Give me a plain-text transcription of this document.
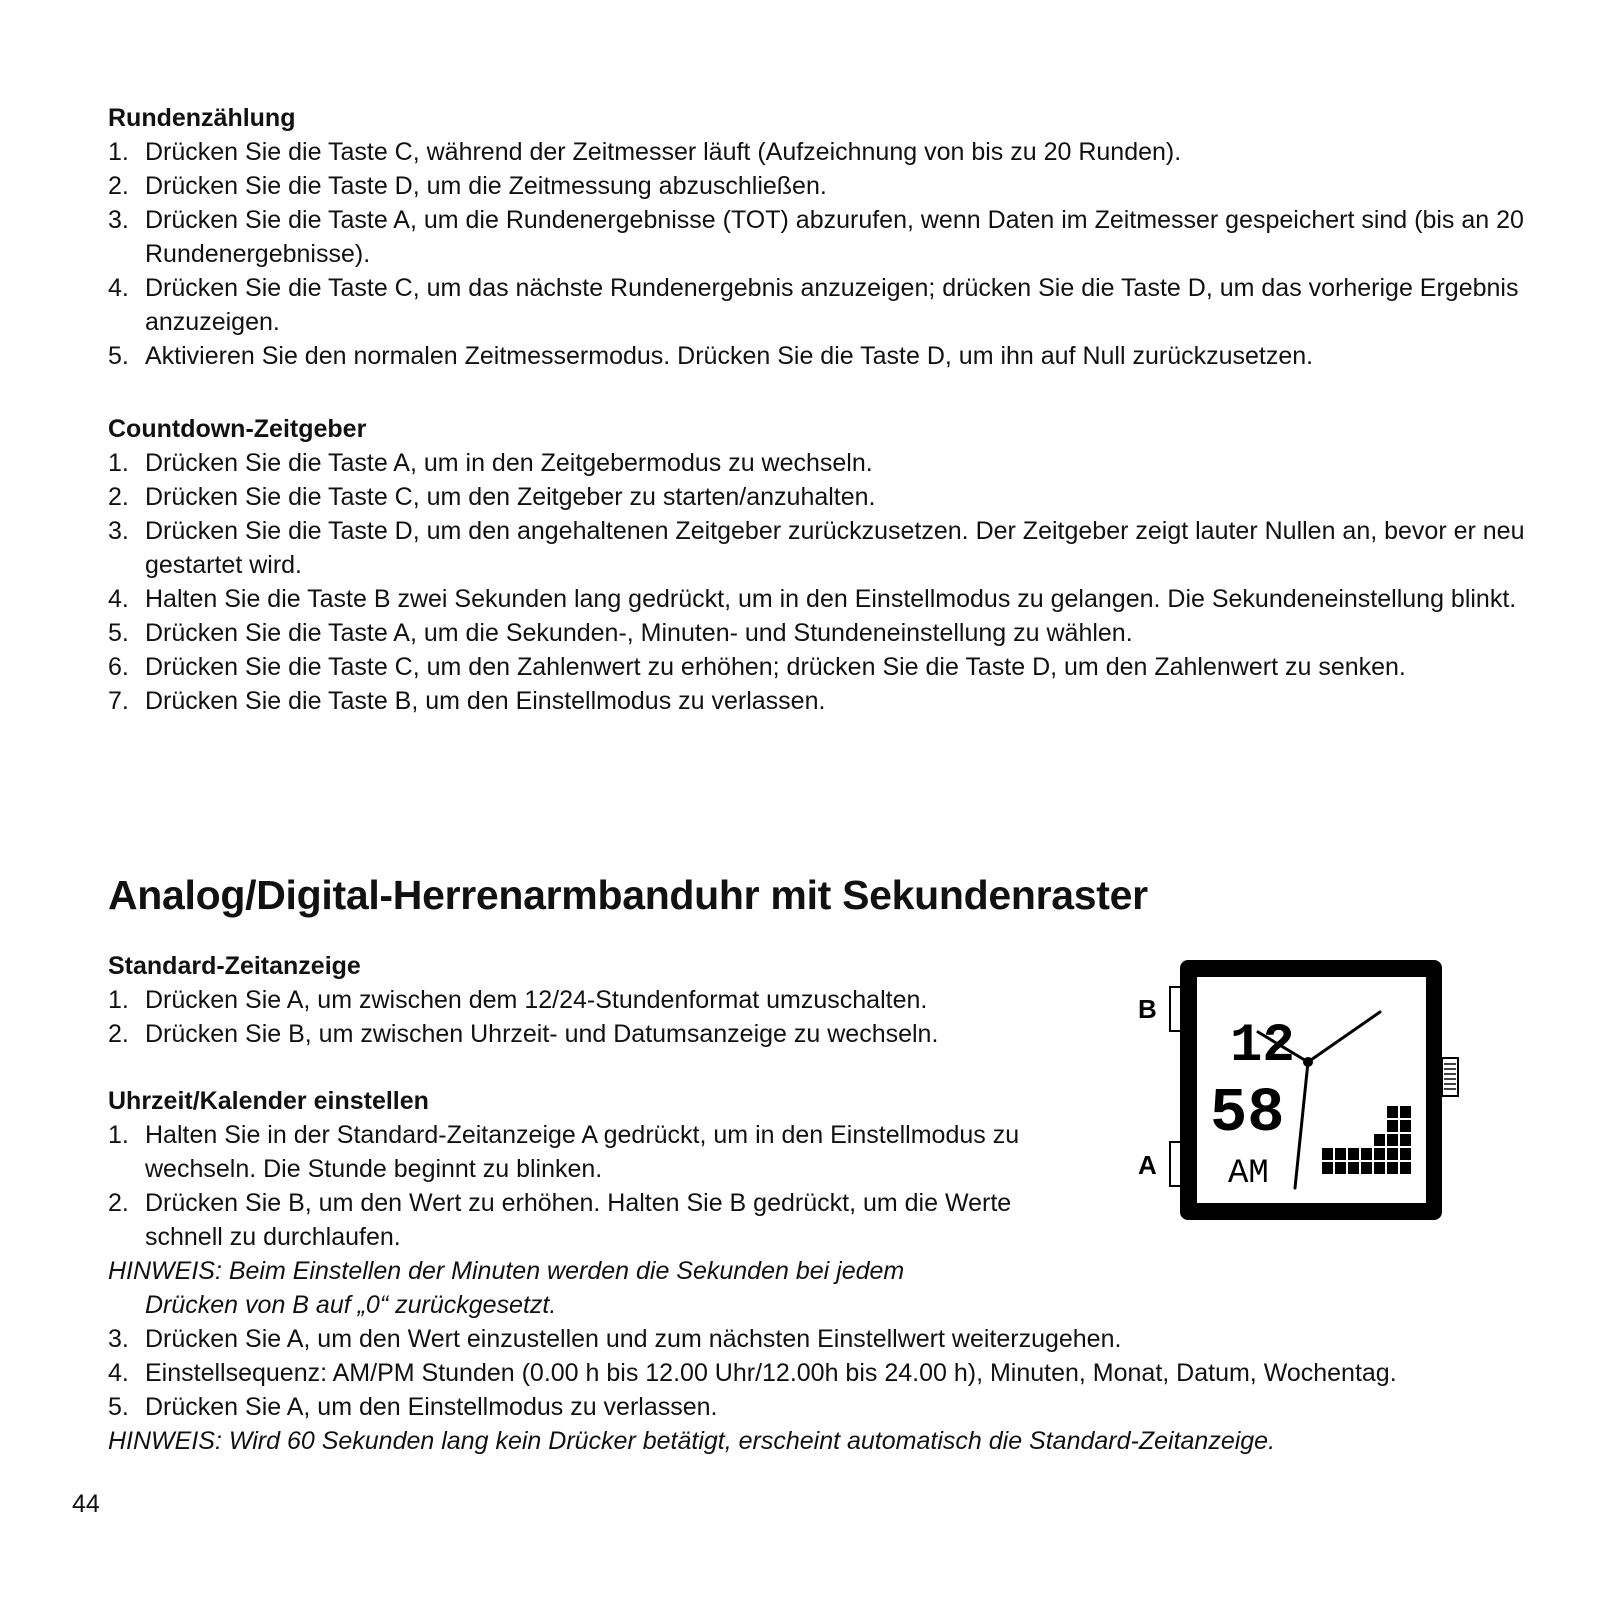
Rundenzählung
1. Drücken Sie die Taste C, während der Zeitmesser läuft (Aufzeichnung von bis zu 20 Runden).
2. Drücken Sie die Taste D, um die Zeitmessung abzuschließen.
3. Drücken Sie die Taste A, um die Rundenergebnisse (TOT) abzurufen, wenn Daten im Zeitmesser gespeichert sind (bis an 20 Rundenergebnisse).
4. Drücken Sie die Taste C, um das nächste Rundenergebnis anzuzeigen; drücken Sie die Taste D, um das vorherige Ergebnis anzuzeigen.
5. Aktivieren Sie den normalen Zeitmessermodus. Drücken Sie die Taste D, um ihn auf Null zurückzusetzen.
Countdown-Zeitgeber
1. Drücken Sie die Taste A, um in den Zeitgebermodus zu wechseln.
2. Drücken Sie die Taste C, um den Zeitgeber zu starten/anzuhalten.
3. Drücken Sie die Taste D, um den angehaltenen Zeitgeber zurückzusetzen. Der Zeitgeber zeigt lauter Nullen an, bevor er neu gestartet wird.
4. Halten Sie die Taste B zwei Sekunden lang gedrückt, um in den Einstellmodus zu gelangen. Die Sekundeneinstellung blinkt.
5. Drücken Sie die Taste A, um die Sekunden-, Minuten- und Stundeneinstellung zu wählen.
6. Drücken Sie die Taste C, um den Zahlenwert zu erhöhen; drücken Sie die Taste D, um den Zahlenwert zu senken.
7. Drücken Sie die Taste B, um den Einstellmodus zu verlassen.
Analog/Digital-Herrenarmbanduhr mit Sekundenraster
Standard-Zeitanzeige
1. Drücken Sie A, um zwischen dem 12/24-Stundenformat umzuschalten.
2. Drücken Sie B, um zwischen Uhrzeit- und Datumsanzeige zu wechseln.
Uhrzeit/Kalender einstellen
1. Halten Sie in der Standard-Zeitanzeige A gedrückt, um in den Einstellmodus zu wechseln. Die Stunde beginnt zu blinken.
2. Drücken Sie B, um den Wert zu erhöhen. Halten Sie B gedrückt, um die Werte schnell zu durchlaufen.
HINWEIS: Beim Einstellen der Minuten werden die Sekunden bei jedem
Drücken von B auf „0“ zurückgesetzt.
3. Drücken Sie A, um den Wert einzustellen und zum nächsten Einstellwert weiterzugehen.
4. Einstellsequenz: AM/PM Stunden (0.00 h bis 12.00 Uhr/12.00h bis 24.00 h), Minuten, Monat, Datum, Wochentag.
5. Drücken Sie A, um den Einstellmodus zu verlassen.
HINWEIS: Wird 60 Sekunden lang kein Drücker betätigt, erscheint automatisch die Standard-Zeitanzeige.
B
A
12
58
AM
44
